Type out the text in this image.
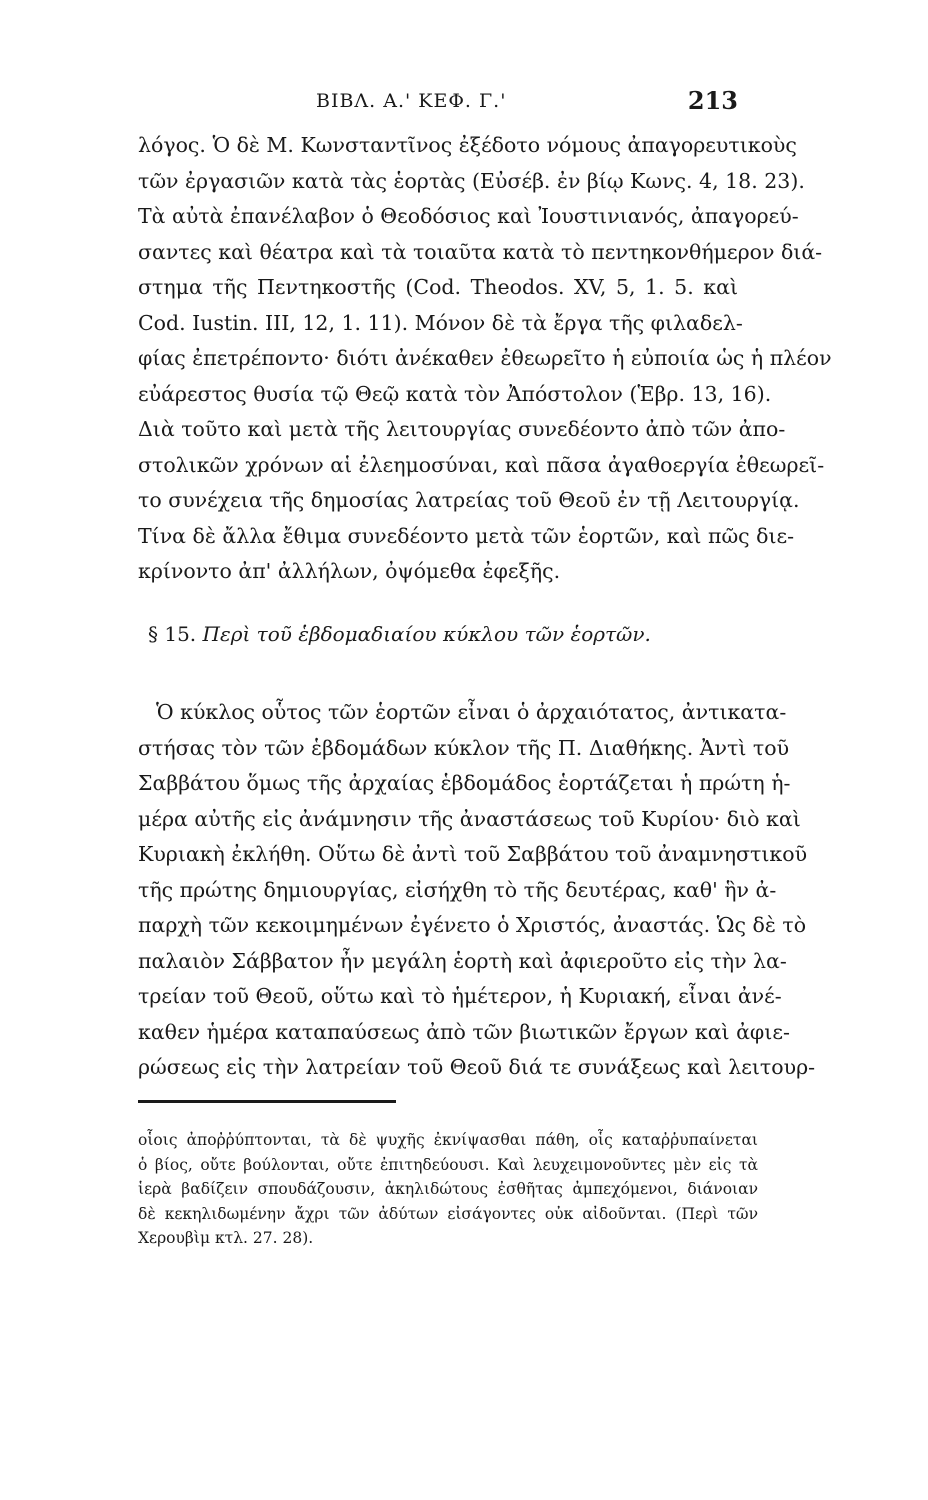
ΒΙΒΛ. Α.' ΚΕΦ. Γ.'	213
λόγος. Ὁ δὲ Μ. Κωνσταντῖνος ἐξέδοτο νόμους ἀπαγορευτικοὺς
τῶν ἐργασιῶν κατὰ τὰς ἑορτὰς (Εὐσέβ. ἐν βίῳ Κωνς. 4, 18. 23).
Τὰ αὐτὰ ἐπανέλαβον ὁ Θεοδόσιος καὶ Ἰουστινιανός, ἀπαγορεύ-
σαντες καὶ θέατρα καὶ τὰ τοιαῦτα κατὰ τὸ πεντηκονθήμερον διά-
στημα τῆς Πεντηκοστῆς (Cod. Theodos. XV, 5, 1. 5. καὶ
Cod. Iustin. III, 12, 1. 11). Μόνον δὲ τὰ ἔργα τῆς φιλαδελ-
φίας ἐπετρέποντο· διότι ἀνέκαθεν ἐθεωρεῖτο ἡ εὐποιία ὡς ἡ πλέον
εὐάρεστος θυσία τῷ Θεῷ κατὰ τὸν Ἀπόστολον (Ἑβρ. 13, 16).
Διὰ τοῦτο καὶ μετὰ τῆς λειτουργίας συνεδέοντο ἀπὸ τῶν ἀπο-
στολικῶν χρόνων αἱ ἐλεημοσύναι, καὶ πᾶσα ἀγαθοεργία ἐθεωρεῖ-
το συνέχεια τῆς δημοσίας λατρείας τοῦ Θεοῦ ἐν τῇ Λειτουργίᾳ.
Τίνα δὲ ἄλλα ἔθιμα συνεδέοντο μετὰ τῶν ἑορτῶν, καὶ πῶς διε-
κρίνοντο ἀπ' ἀλλήλων, ὀψόμεθα ἐφεξῆς.
§ 15. Περὶ τοῦ ἑβδομαδιαίου κύκλου τῶν ἑορτῶν.
Ὁ κύκλος οὗτος τῶν ἑορτῶν εἶναι ὁ ἀρχαιότατος, ἀντικατα-
στήσας τὸν τῶν ἑβδομάδων κύκλον τῆς Π. Διαθήκης. Ἀντὶ τοῦ
Σαββάτου ὅμως τῆς ἀρχαίας ἑβδομάδος ἑορτάζεται ἡ πρώτη ἡ-
μέρα αὐτῆς εἰς ἀνάμνησιν τῆς ἀναστάσεως τοῦ Κυρίου· διὸ καὶ
Κυριακὴ ἐκλήθη. Οὕτω δὲ ἀντὶ τοῦ Σαββάτου τοῦ ἀναμνηστικοῦ
τῆς πρώτης δημιουργίας, εἰσήχθη τὸ τῆς δευτέρας, καθ' ἣν ἀ-
παρχὴ τῶν κεκοιμημένων ἐγένετο ὁ Χριστός, ἀναστάς. Ὡς δὲ τὸ
παλαιὸν Σάββατον ἦν μεγάλη ἑορτὴ καὶ ἀφιεροῦτο εἰς τὴν λα-
τρείαν τοῦ Θεοῦ, οὕτω καὶ τὸ ἡμέτερον, ἡ Κυριακή, εἶναι ἀνέ-
καθεν ἡμέρα καταπαύσεως ἀπὸ τῶν βιωτικῶν ἔργων καὶ ἀφιε-
ρώσεως εἰς τὴν λατρείαν τοῦ Θεοῦ διά τε συνάξεως καὶ λειτουρ-
οἷοις ἀποῤῥύπτονται, τὰ δὲ ψυχῆς ἐκνίψασθαι πάθη, οἷς καταῤῥυπαίνεται
ὁ βίος, οὔτε βούλονται, οὔτε ἐπιτηδεύουσι. Καὶ λευχειμονοῦντες μὲν εἰς τὰ
ἱερὰ βαδίζειν σπουδάζουσιν, ἀκηλιδώτους ἐσθῆτας ἀμπεχόμενοι, διάνοιαν
δὲ κεκηλιδωμένην ἄχρι τῶν ἀδύτων εἰσάγοντες οὐκ αἰδοῦνται. (Περὶ τῶν
Χερουβὶμ κτλ. 27. 28).
